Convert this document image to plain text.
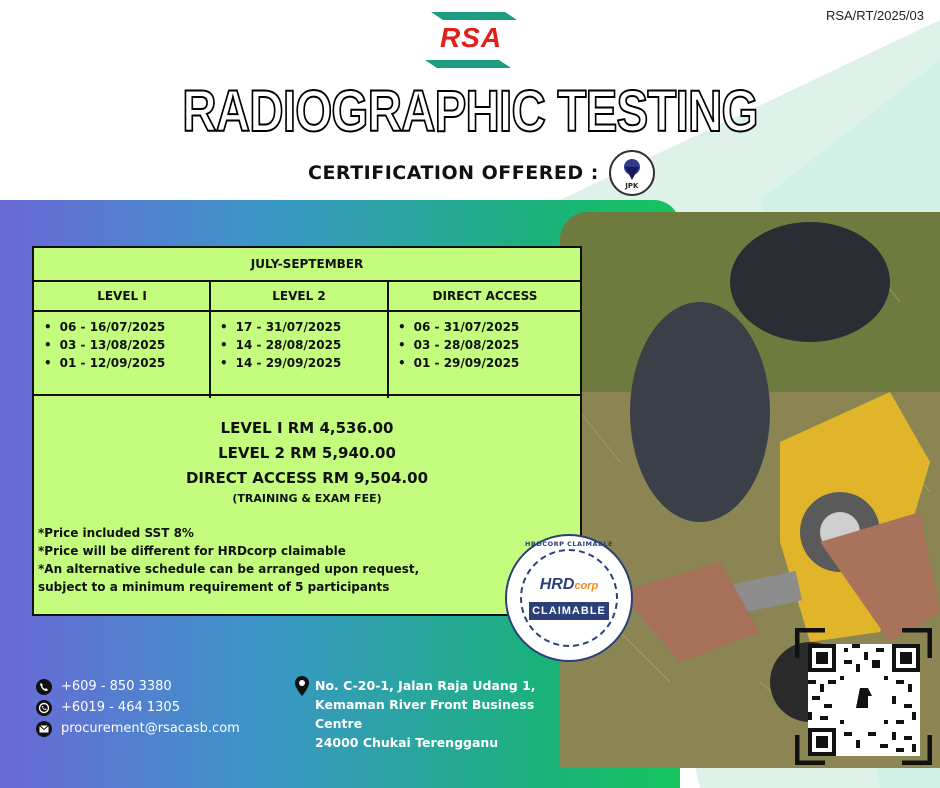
RSA/RT/2025/03
RSA
RADIOGRAPHIC TESTING
CERTIFICATION OFFERED :
JPK
JULY-SEPTEMBER
LEVEL I	LEVEL 2	DIRECT ACCESS
• 06 - 16/07/2025
• 03 - 13/08/2025
• 01 - 12/09/2025
• 17 - 31/07/2025
• 14 - 28/08/2025
• 14 - 29/09/2025
• 06 - 31/07/2025
• 03 - 28/08/2025
• 01 - 29/09/2025
LEVEL I RM 4,536.00
LEVEL 2 RM 5,940.00
DIRECT ACCESS RM 9,504.00
(TRAINING & EXAM FEE)

*Price included SST 8%

*Price will be different for HRDcorp claimable

*An alternative schedule can be arranged upon request,

subject to a minimum requirement of 5 participants

HRDCORP CLAIMABLE
HRDcorp
CLAIMABLE
+609 - 850 3380
+6019 - 464 1305
procurement@rsacasb.com

No. C-20-1, Jalan Raja Udang 1,

Kemaman River Front Business

Centre

24000 Chukai Terengganu
